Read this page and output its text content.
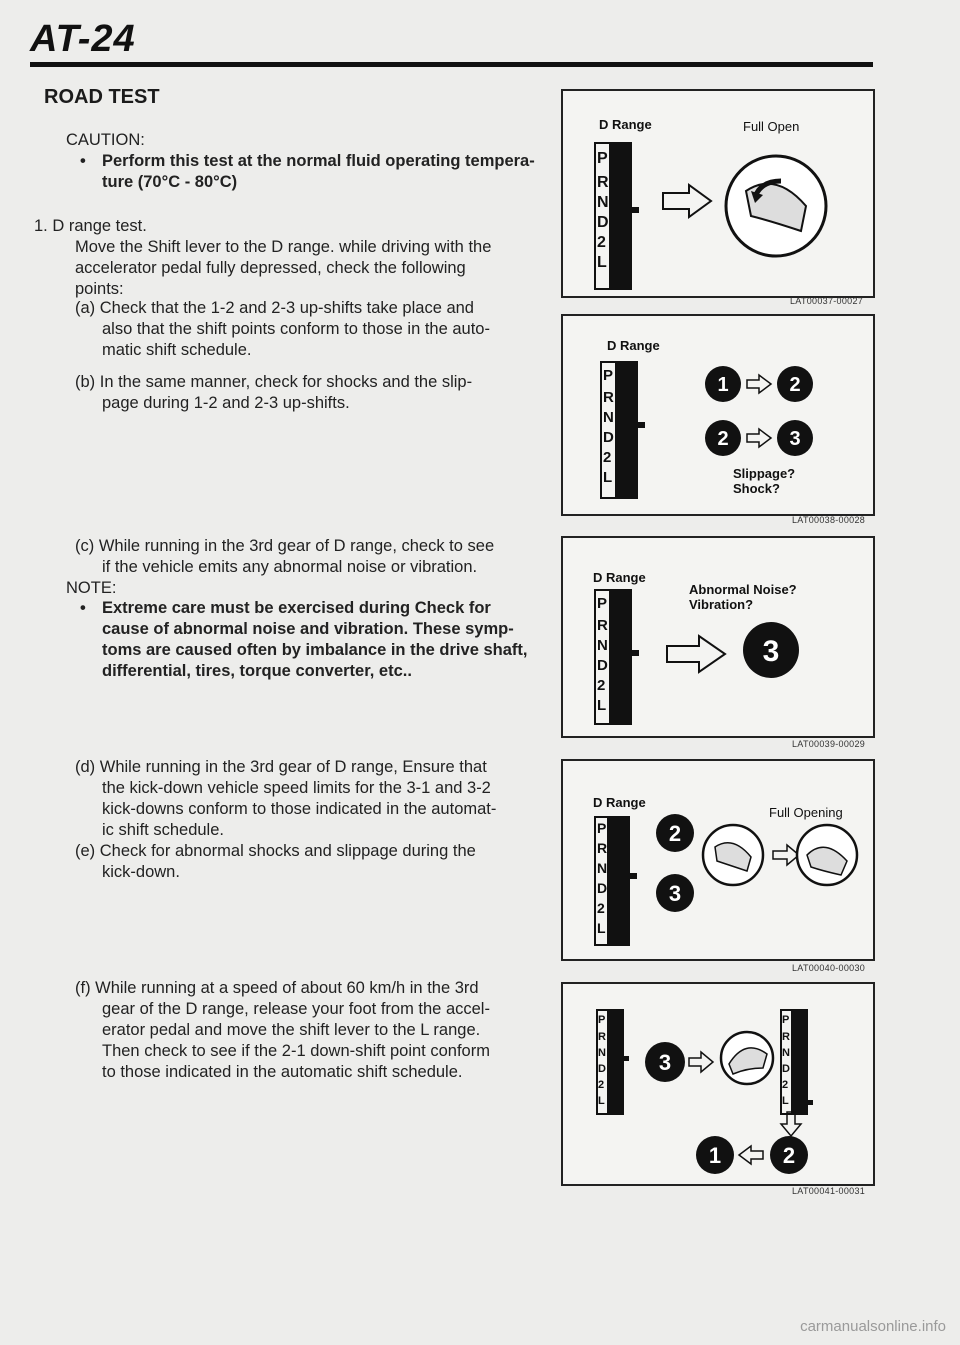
AT-24
ROAD TEST
CAUTION:
• Perform this test at the normal fluid operating tempera-
ture (70°C - 80°C)
1. D range test.
Move the Shift lever to the D range. while driving with the
accelerator pedal fully depressed, check the following
points:
(a) Check that the 1-2 and 2-3 up-shifts take place and
also that the shift points conform to those in the auto-
matic shift schedule.
(b) In the same manner, check for shocks and the slip-
page during 1-2 and 2-3 up-shifts.
(c) While running in the 3rd gear of D range, check to see
if the vehicle emits any abnormal noise or vibration.
NOTE:
• Extreme care must be exercised during Check for
cause of abnormal noise and vibration. These symp-
toms are caused often by imbalance in the drive shaft,
differential, tires, torque converter, etc..
(d) While running in the 3rd gear of D range, Ensure that
the kick-down vehicle speed limits for the 3-1 and 3-2
kick-downs conform to those indicated in the automat-
ic shift schedule.
(e) Check for abnormal shocks and slippage during the
kick-down.
(f) While running at a speed of about 60 km/h in the 3rd
gear of the D range, release your foot from the accel-
erator pedal and move the shift lever to the L range.
Then check to see if the 2-1 down-shift point conform
to those indicated in the automatic shift schedule.
D Range	Full Open
P
R
N
D
2
L
LAT00037-00027
D Range
P
R
N
D
2
L
1	2
2	3
Slippage?
Shock?
LAT00038-00028
D Range
Abnormal Noise?
Vibration?
P
R
N
D
2
L
3
LAT00039-00029
D Range
Full Opening
P
R
N
D
2
L
2
3
LAT00040-00030
P
R
N
D
2
L
3
P
R
N
D
2
L
1	2
LAT00041-00031
carmanualsonline.info
